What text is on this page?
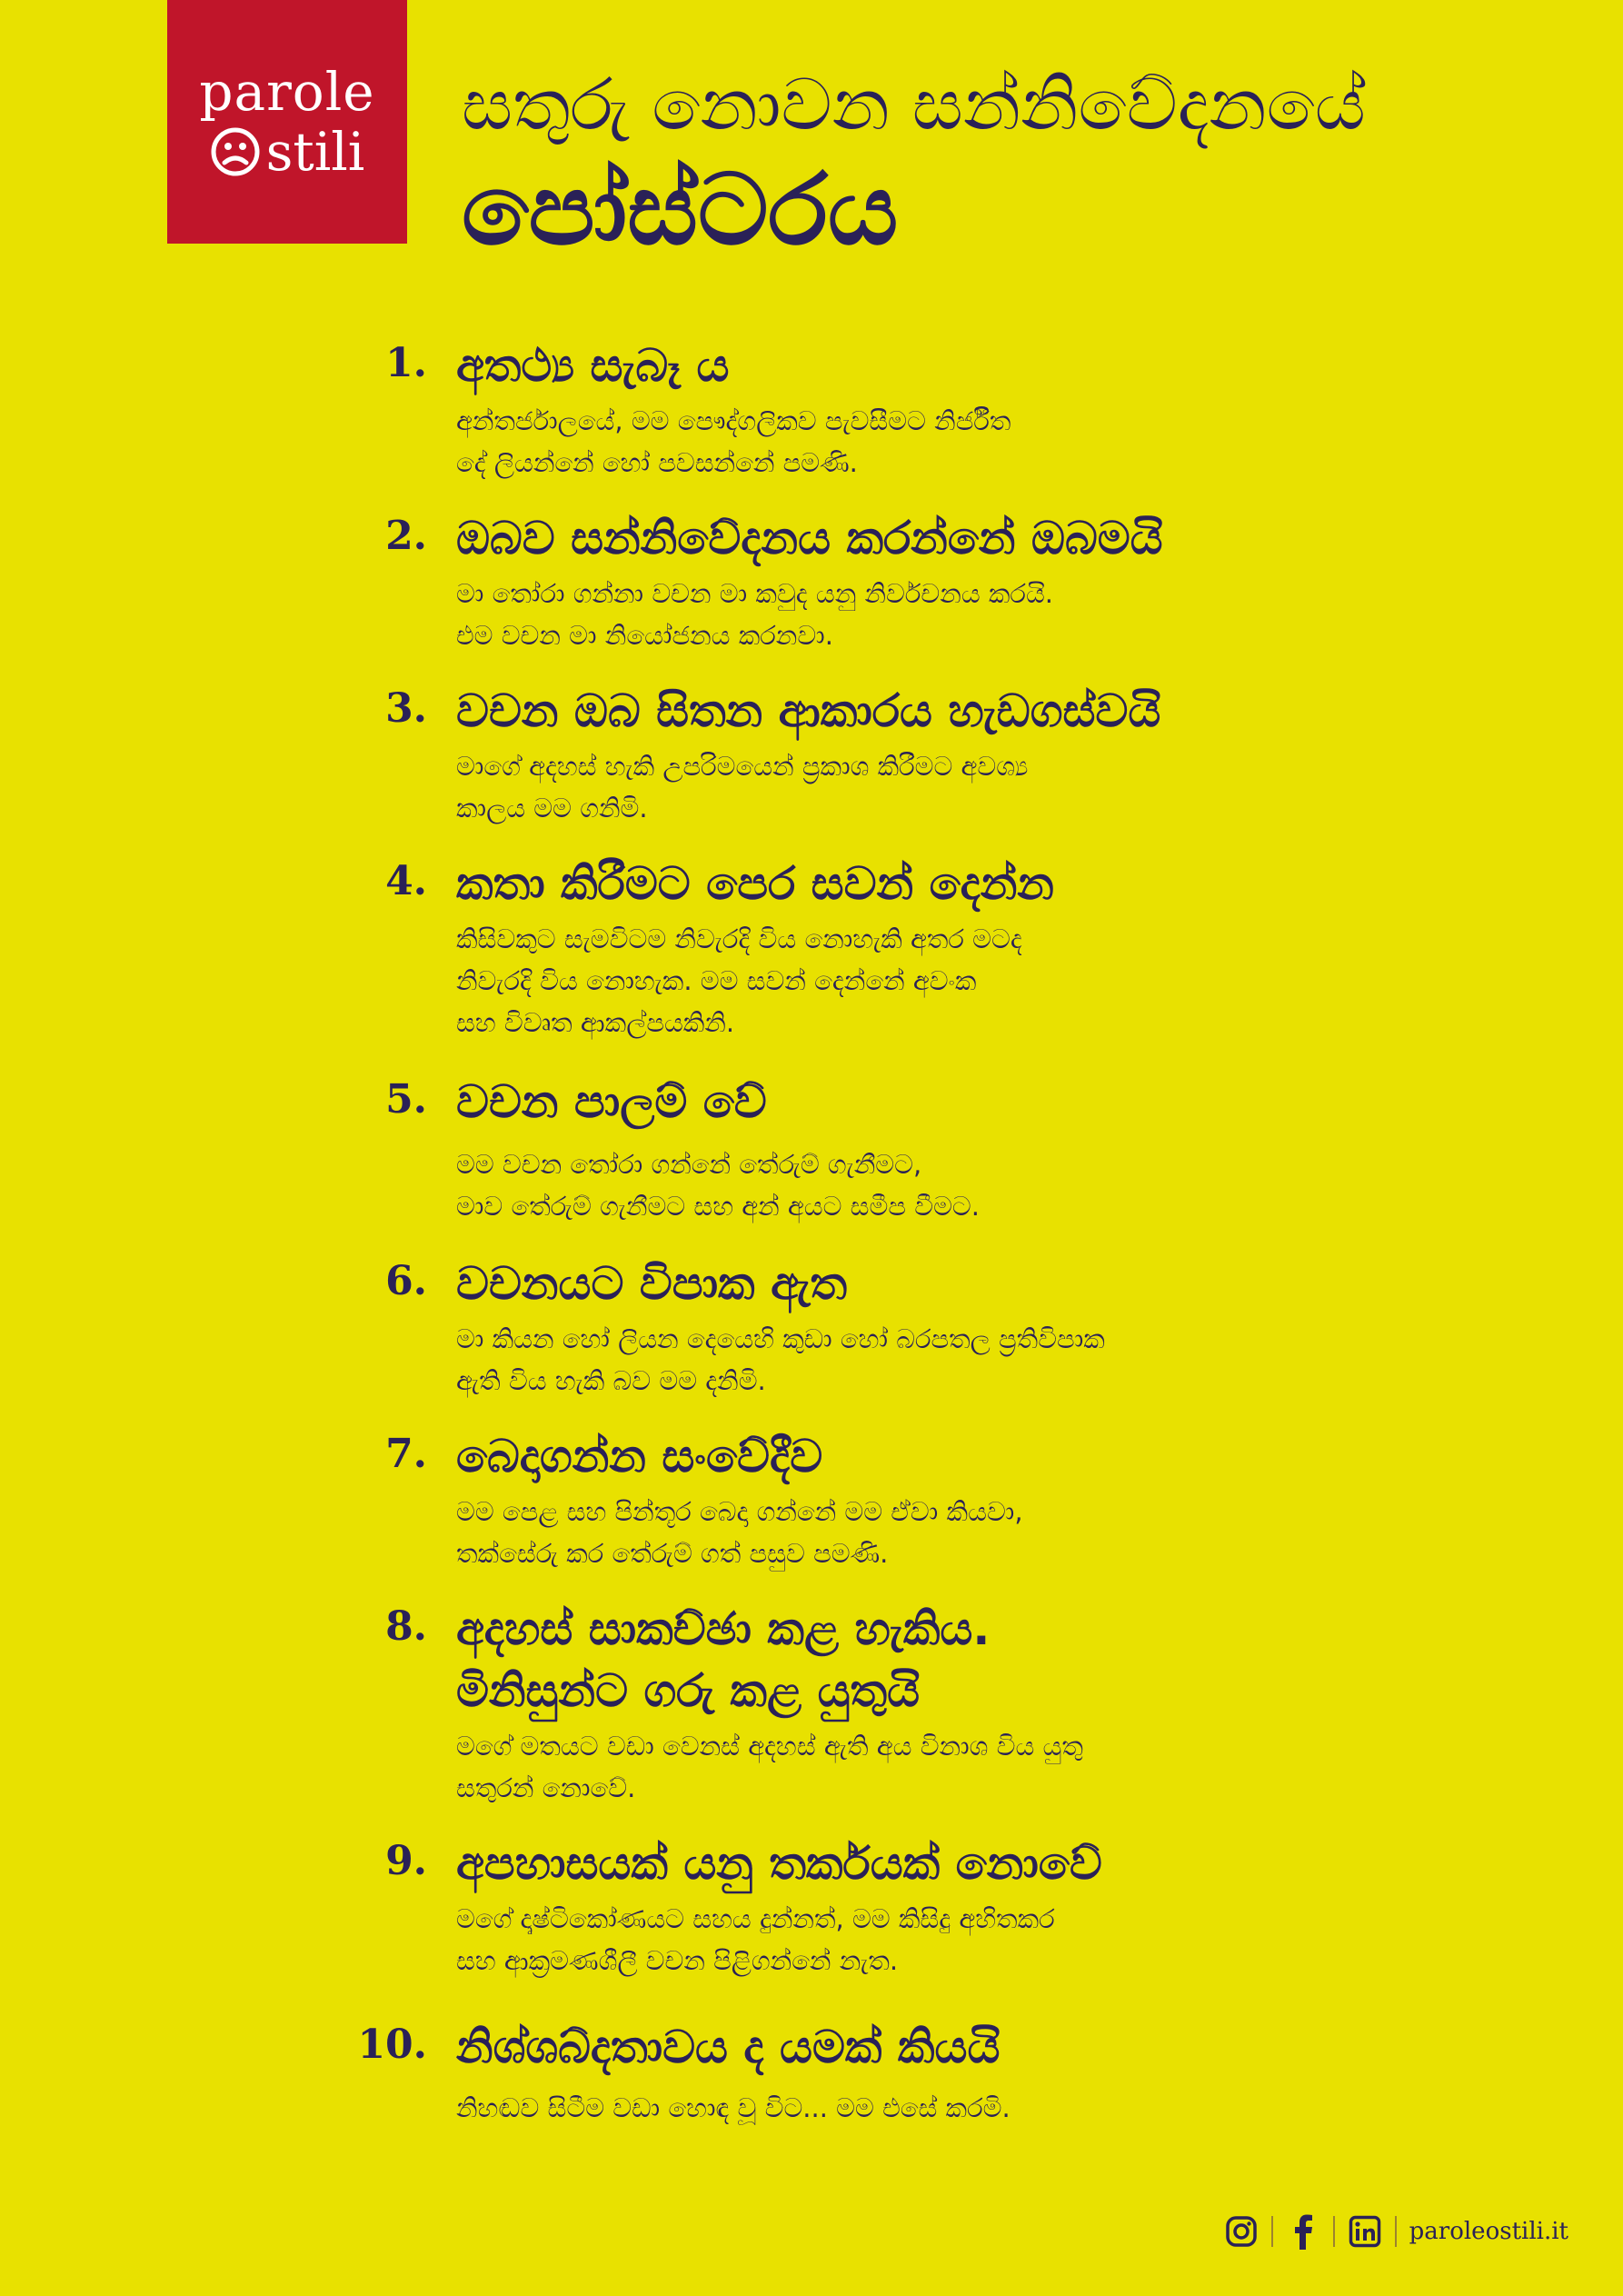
parole
stili
සතුරු නොවන සන්නිවේදනයේ
පෝස්ටරය
1. අතථ්‍ය සැබෑ ය
අන්තර්ජාලයේ, මම පෞද්ගලිකව පැවසීමට නිර්ජීත
දේ ලියන්නේ හෝ පවසන්නේ පමණි.
2. ඔබව සන්නිවේදනය කරන්නේ ඔබමයි
මා තෝරා ගන්නා වචන මා කවුද යනු නිර්වචනය කරයි.
එම වචන මා නියෝජනය කරනවා.
3. වචන ඔබ සිතන ආකාරය හැඩගස්වයි
මාගේ අදහස් හැකි උපරිමයෙන් ප්‍රකාශ කිරීමට අවශ්‍ය
කාලය මම ගනිමි.
4. කතා කිරීමට පෙර සවන් දෙන්න
කිසිවකුට සැමවිටම නිවැරදි විය නොහැකි අතර මටද
නිවැරදි විය නොහැක. මම සවන් දෙන්නේ අවංක
සහ විවෘත ආකල්පයකිනි.
5. වචන පාලම් වේ
මම වචන තෝරා ගන්නේ තේරුම් ගැනීමට,
මාව තේරුම් ගැනීමට සහ අන් අයට සමීප වීමට.
6. වචනයට විපාක ඇත
මා කියන හෝ ලියන දෙයෙහි කුඩා හෝ බරපතල ප්‍රතිවිපාක
ඇති විය හැකි බව මම දනිමි.
7. බෙදාගන්න සංවේදීව
මම පෙළ සහ පින්තූර බෙදා ගන්නේ මම ඒවා කියවා,
තක්සේරු කර තේරුම් ගත් පසුව පමණි.
8. අදහස් සාකච්ඡා කළ හැකිය.
මිනිසුන්ට ගරු කළ යුතුයි
මගේ මතයට වඩා වෙනස් අදහස් ඇති අය විනාශ විය යුතු
සතුරන් නොවේ.
9. අපහාසයක් යනු තර්කයක් නොවේ
මගේ දෘෂ්ටිකෝණයට සහය දුන්නත්, මම කිසිදු අහිතකර
සහ ආක්‍රමණශීලී වචන පිළිගන්නේ නැත.
10. නිශ්ශබ්දතාවය ද යමක් කියයි
නිහඬව සිටීම වඩා හොඳ වූ විට... මම එසේ කරමි.
paroleostili.it
